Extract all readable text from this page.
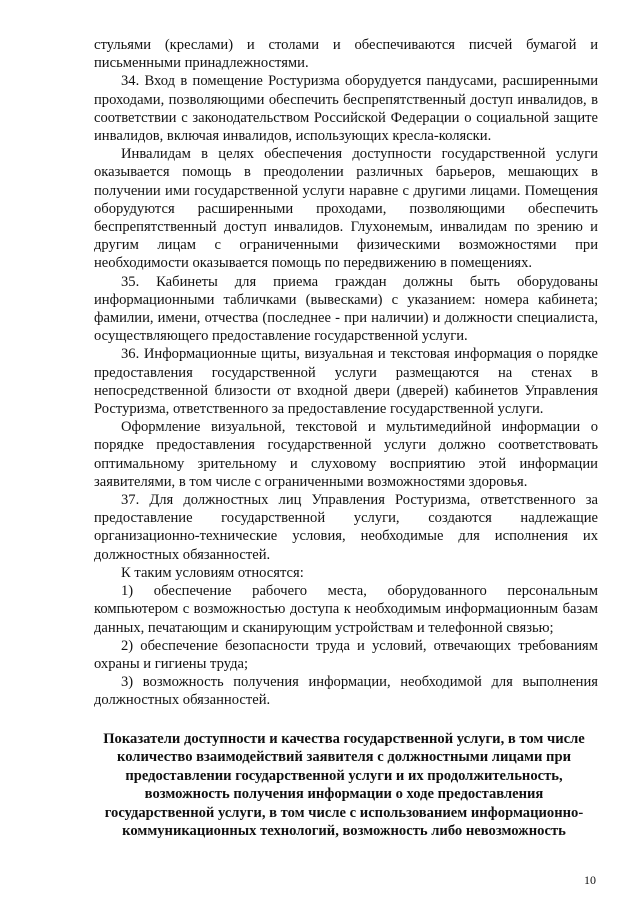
стульями (креслами) и столами и обеспечиваются писчей бумагой и письменными принадлежностями.

34. Вход в помещение Ростуризма оборудуется пандусами, расширенными проходами, позволяющими обеспечить беспрепятственный доступ инвалидов, в соответствии с законодательством Российской Федерации о социальной защите инвалидов, включая инвалидов, использующих кресла-коляски.

Инвалидам в целях обеспечения доступности государственной услуги оказывается помощь в преодолении различных барьеров, мешающих в получении ими государственной услуги наравне с другими лицами. Помещения оборудуются расширенными проходами, позволяющими обеспечить беспрепятственный доступ инвалидов. Глухонемым, инвалидам по зрению и другим лицам с ограниченными физическими возможностями при необходимости оказывается помощь по передвижению в помещениях.

35. Кабинеты для приема граждан должны быть оборудованы информационными табличками (вывесками) с указанием: номера кабинета; фамилии, имени, отчества (последнее - при наличии) и должности специалиста, осуществляющего предоставление государственной услуги.

36. Информационные щиты, визуальная и текстовая информация о порядке предоставления государственной услуги размещаются на стенах в непосредственной близости от входной двери (дверей) кабинетов Управления Ростуризма, ответственного за предоставление государственной услуги.

Оформление визуальной, текстовой и мультимедийной информации о порядке предоставления государственной услуги должно соответствовать оптимальному зрительному и слуховому восприятию этой информации заявителями, в том числе с ограниченными возможностями здоровья.

37. Для должностных лиц Управления Ростуризма, ответственного за предоставление государственной услуги, создаются надлежащие организационно-технические условия, необходимые для исполнения их должностных обязанностей.

К таким условиям относятся:

1) обеспечение рабочего места, оборудованного персональным компьютером с возможностью доступа к необходимым информационным базам данных, печатающим и сканирующим устройствам и телефонной связью;

2) обеспечение безопасности труда и условий, отвечающих требованиям охраны и гигиены труда;

3) возможность получения информации, необходимой для выполнения должностных обязанностей.

Показатели доступности и качества государственной услуги, в том числе количество взаимодействий заявителя с должностными лицами при предоставлении государственной услуги и их продолжительность, возможность получения информации о ходе предоставления государственной услуги, в том числе с использованием информационно-коммуникационных технологий, возможность либо невозможность
10
